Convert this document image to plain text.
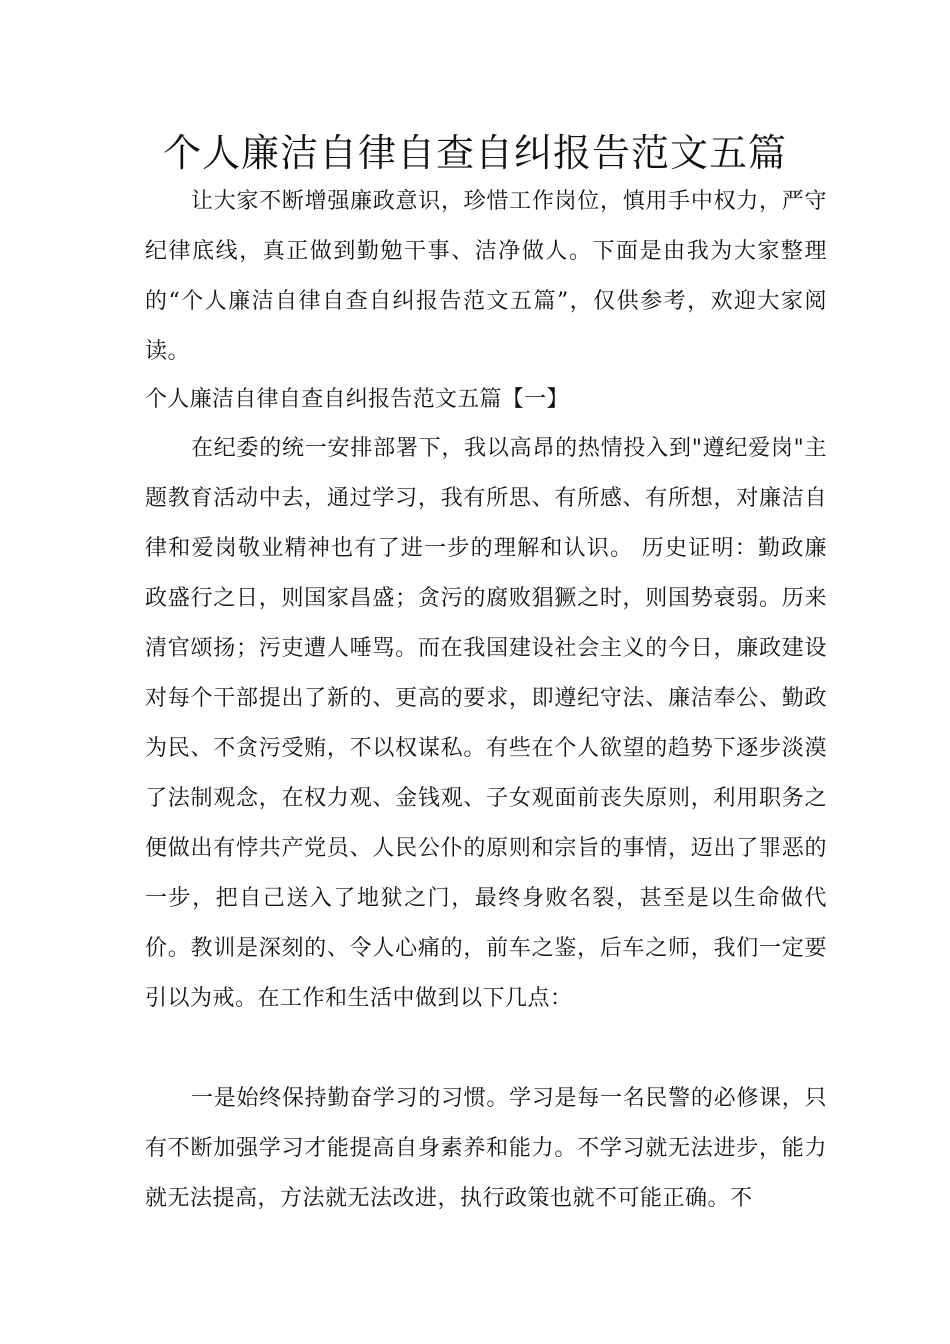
个人廉洁自律自查自纠报告范文五篇

让大家不断增强廉政意识，珍惜工作岗位，慎用手中权力，严守纪律底线，真正做到勤勉干事、洁净做人。下面是由我为大家整理的“个人廉洁自律自查自纠报告范文五篇”，仅供参考，欢迎大家阅读。

个人廉洁自律自查自纠报告范文五篇【一】

在纪委的统一安排部署下，我以高昂的热情投入到"遵纪爱岗"主题教育活动中去，通过学习，我有所思、有所感、有所想，对廉洁自律和爱岗敬业精神也有了进一步的理解和认识。 历史证明：勤政廉政盛行之日，则国家昌盛；贪污的腐败猖獗之时，则国势衰弱。历来清官颂扬；污吏遭人唾骂。而在我国建设社会主义的今日，廉政建设对每个干部提出了新的、更高的要求，即遵纪守法、廉洁奉公、勤政为民、不贪污受贿，不以权谋私。有些在个人欲望的趋势下逐步淡漠了法制观念，在权力观、金钱观、子女观面前丧失原则，利用职务之便做出有悖共产党员、人民公仆的原则和宗旨的事情，迈出了罪恶的一步，把自己送入了地狱之门，最终身败名裂，甚至是以生命做代价。教训是深刻的、令人心痛的，前车之鉴，后车之师，我们一定要引以为戒。在工作和生活中做到以下几点：

一是始终保持勤奋学习的习惯。学习是每一名民警的必修课，只有不断加强学习才能提高自身素养和能力。不学习就无法进步，能力就无法提高，方法就无法改进，执行政策也就不可能正确。不
